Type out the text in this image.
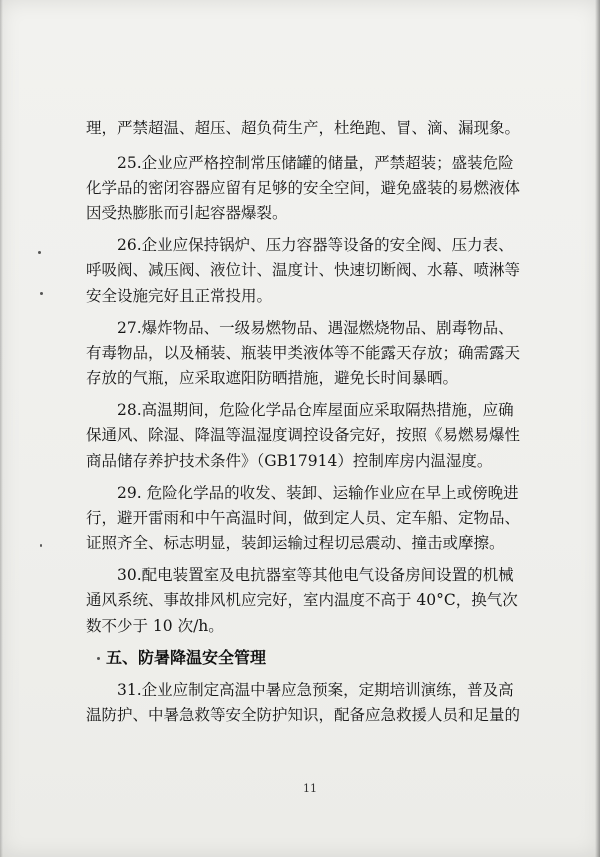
理，严禁超温、超压、超负荷生产，杜绝跑、冒、滴、漏现象。
25.企业应严格控制常压储罐的储量，严禁超装；盛装危险
化学品的密闭容器应留有足够的安全空间，避免盛装的易燃液体
因受热膨胀而引起容器爆裂。
26.企业应保持锅炉、压力容器等设备的安全阀、压力表、
呼吸阀、减压阀、液位计、温度计、快速切断阀、水幕、喷淋等
安全设施完好且正常投用。
27.爆炸物品、一级易燃物品、遇湿燃烧物品、剧毒物品、
有毒物品，以及桶装、瓶装甲类液体等不能露天存放；确需露天
存放的气瓶，应采取遮阳防晒措施，避免长时间暴晒。
28.高温期间，危险化学品仓库屋面应采取隔热措施，应确
保通风、除湿、降温等温湿度调控设备完好，按照《易燃易爆性
商品储存养护技术条件》（GB17914）控制库房内温湿度。
29. 危险化学品的收发、装卸、运输作业应在早上或傍晚进
行，避开雷雨和中午高温时间，做到定人员、定车船、定物品、
证照齐全、标志明显，装卸运输过程切忌震动、撞击或摩擦。
30.配电装置室及电抗器室等其他电气设备房间设置的机械
通风系统、事故排风机应完好，室内温度不高于 40°C，换气次
数不少于 10 次/h。
五、防暑降温安全管理
31.企业应制定高温中暑应急预案，定期培训演练，普及高
温防护、中暑急救等安全防护知识，配备应急救援人员和足量的
11
